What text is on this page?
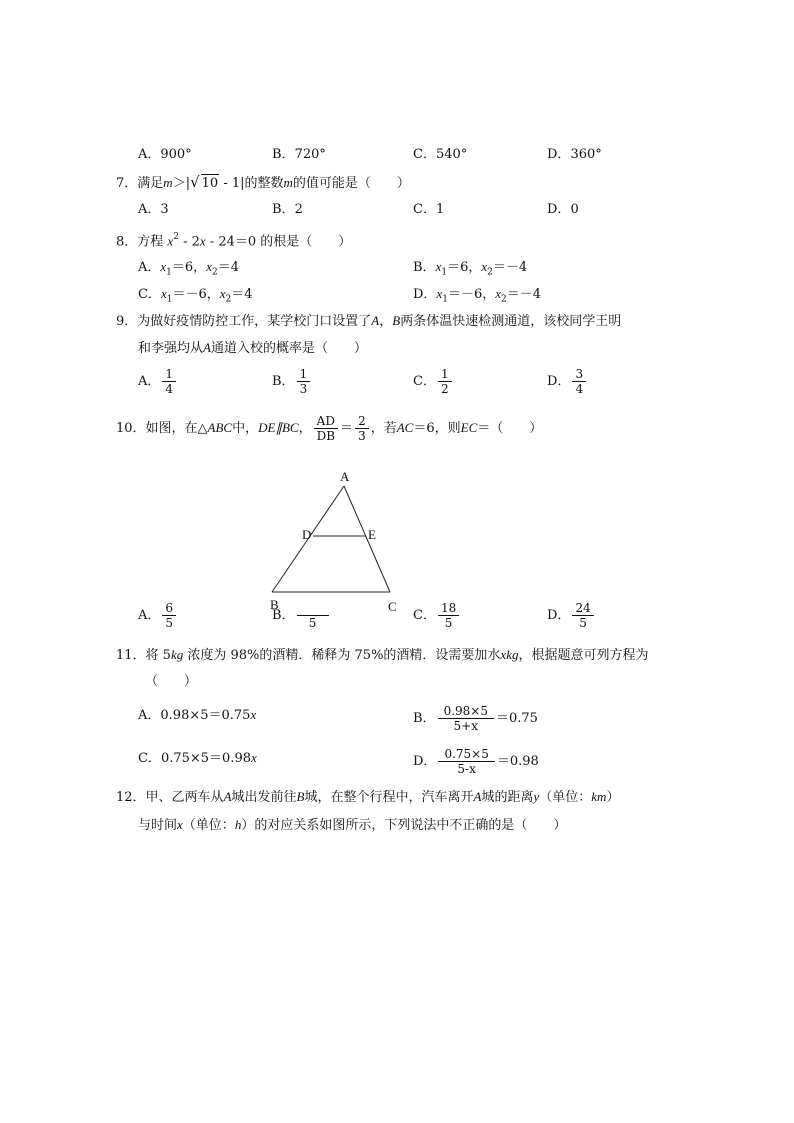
A．900°	B．720°	C．540°	D．360°
7．满足m＞|√ 10 - 1|的整数m的值可能是（　　）
A．3	B．2	C．1	D．0
8．方程 $x^2 - 2x - 24=0$ 的根是（　　）
A．$x_1=6$，$x_2=4$	B．$x_1=6$，$x_2=-4$
C．$x_1=-6$，$x_2=4$	D．$x_1=-6$，$x_2=-4$
9．为做好疫情防控工作，某学校门口设置了A，B两条体温快速检测通道，该校同学王明
和李强均从A通道入校的概率是（　　）
A． $\frac{1}{4}$	B． $\frac{1}{3}$	C． $\frac{1}{2}$	D． $\frac{3}{4}$
10．如图，在△ABC中，DE∥BC， $\frac{AD}{DB} = \frac{2}{3}$ ，若AC＝6，则EC＝（　　）
A
D	E
B	C
A． $\frac{6}{5}$	B．	5	C． $\frac{18}{5}$	D． $\frac{24}{5}$
11．将 5kg 浓度为 98%的酒精．稀释为 75%的酒精．设需要加水xkg，根据题意可列方程为
（　　）
A．0.98×5＝0.75x	B． $\frac{0.98\times 5}{5+x} =0.75$
C．0.75×5＝0.98x	D． $\frac{0.75\times 5}{5-x} =0.98$
12．甲、乙两车从A城出发前往B城，在整个行程中，汽车离开A城的距离y（单位：km）
与时间x（单位：h）的对应关系如图所示，下列说法中不正确的是（　　）
